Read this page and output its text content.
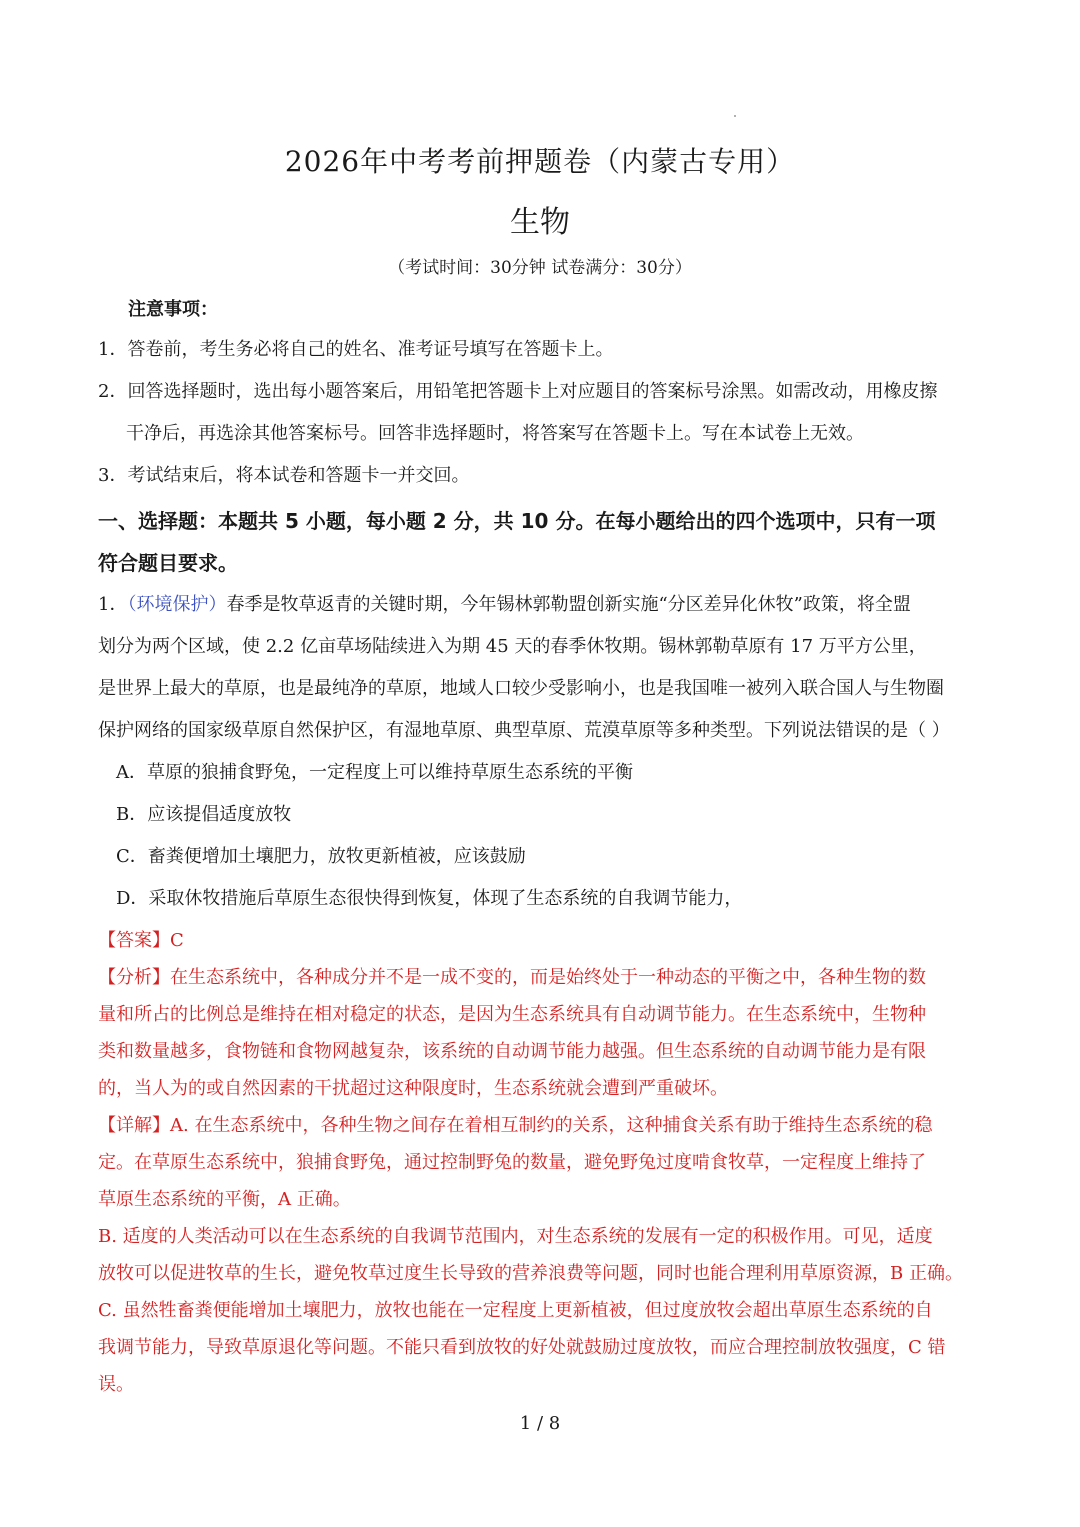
2026年中考考前押题卷（内蒙古专用）
生物
（考试时间：30分钟 试卷满分：30分）
注意事项：

1．答卷前，考生务必将自己的姓名、准考证号填写在答题卡上。

2．回答选择题时，选出每小题答案后，用铅笔把答题卡上对应题目的答案标号涂黑。如需改动，用橡皮擦

干净后，再选涂其他答案标号。回答非选择题时，将答案写在答题卡上。写在本试卷上无效。

3．考试结束后，将本试卷和答题卡一并交回。

一、选择题：本题共 5 小题，每小题 2 分，共 10 分。在每小题给出的四个选项中，只有一项
符合题目要求。

1．（环境保护）春季是牧草返青的关键时期，今年锡林郭勒盟创新实施“分区差异化休牧”政策，将全盟

划分为两个区域，使 2.2 亿亩草场陆续进入为期 45 天的春季休牧期。锡林郭勒草原有 17 万平方公里，

是世界上最大的草原，也是最纯净的草原，地域人口较少受影响小，也是我国唯一被列入联合国人与生物圈

保护网络的国家级草原自然保护区，有湿地草原、典型草原、荒漠草原等多种类型。下列说法错误的是（ ）

A．草原的狼捕食野兔，一定程度上可以维持草原生态系统的平衡

B．应该提倡适度放牧

C．畜粪便增加土壤肥力，放牧更新植被，应该鼓励

D．采取休牧措施后草原生态很快得到恢复，体现了生态系统的自我调节能力，

【答案】C

【分析】在生态系统中，各种成分并不是一成不变的，而是始终处于一种动态的平衡之中，各种生物的数

量和所占的比例总是维持在相对稳定的状态，是因为生态系统具有自动调节能力。在生态系统中，生物种

类和数量越多，食物链和食物网越复杂，该系统的自动调节能力越强。但生态系统的自动调节能力是有限

的，当人为的或自然因素的干扰超过这种限度时，生态系统就会遭到严重破坏。

【详解】A. 在生态系统中，各种生物之间存在着相互制约的关系，这种捕食关系有助于维持生态系统的稳

定。在草原生态系统中，狼捕食野兔，通过控制野兔的数量，避免野兔过度啃食牧草，一定程度上维持了

草原生态系统的平衡，A 正确。

B. 适度的人类活动可以在生态系统的自我调节范围内，对生态系统的发展有一定的积极作用。可见，适度

放牧可以促进牧草的生长，避免牧草过度生长导致的营养浪费等问题，同时也能合理利用草原资源，B 正确。

C. 虽然牲畜粪便能增加土壤肥力，放牧也能在一定程度上更新植被，但过度放牧会超出草原生态系统的自

我调节能力，导致草原退化等问题。不能只看到放牧的好处就鼓励过度放牧，而应合理控制放牧强度，C 错

误。

1 / 8
